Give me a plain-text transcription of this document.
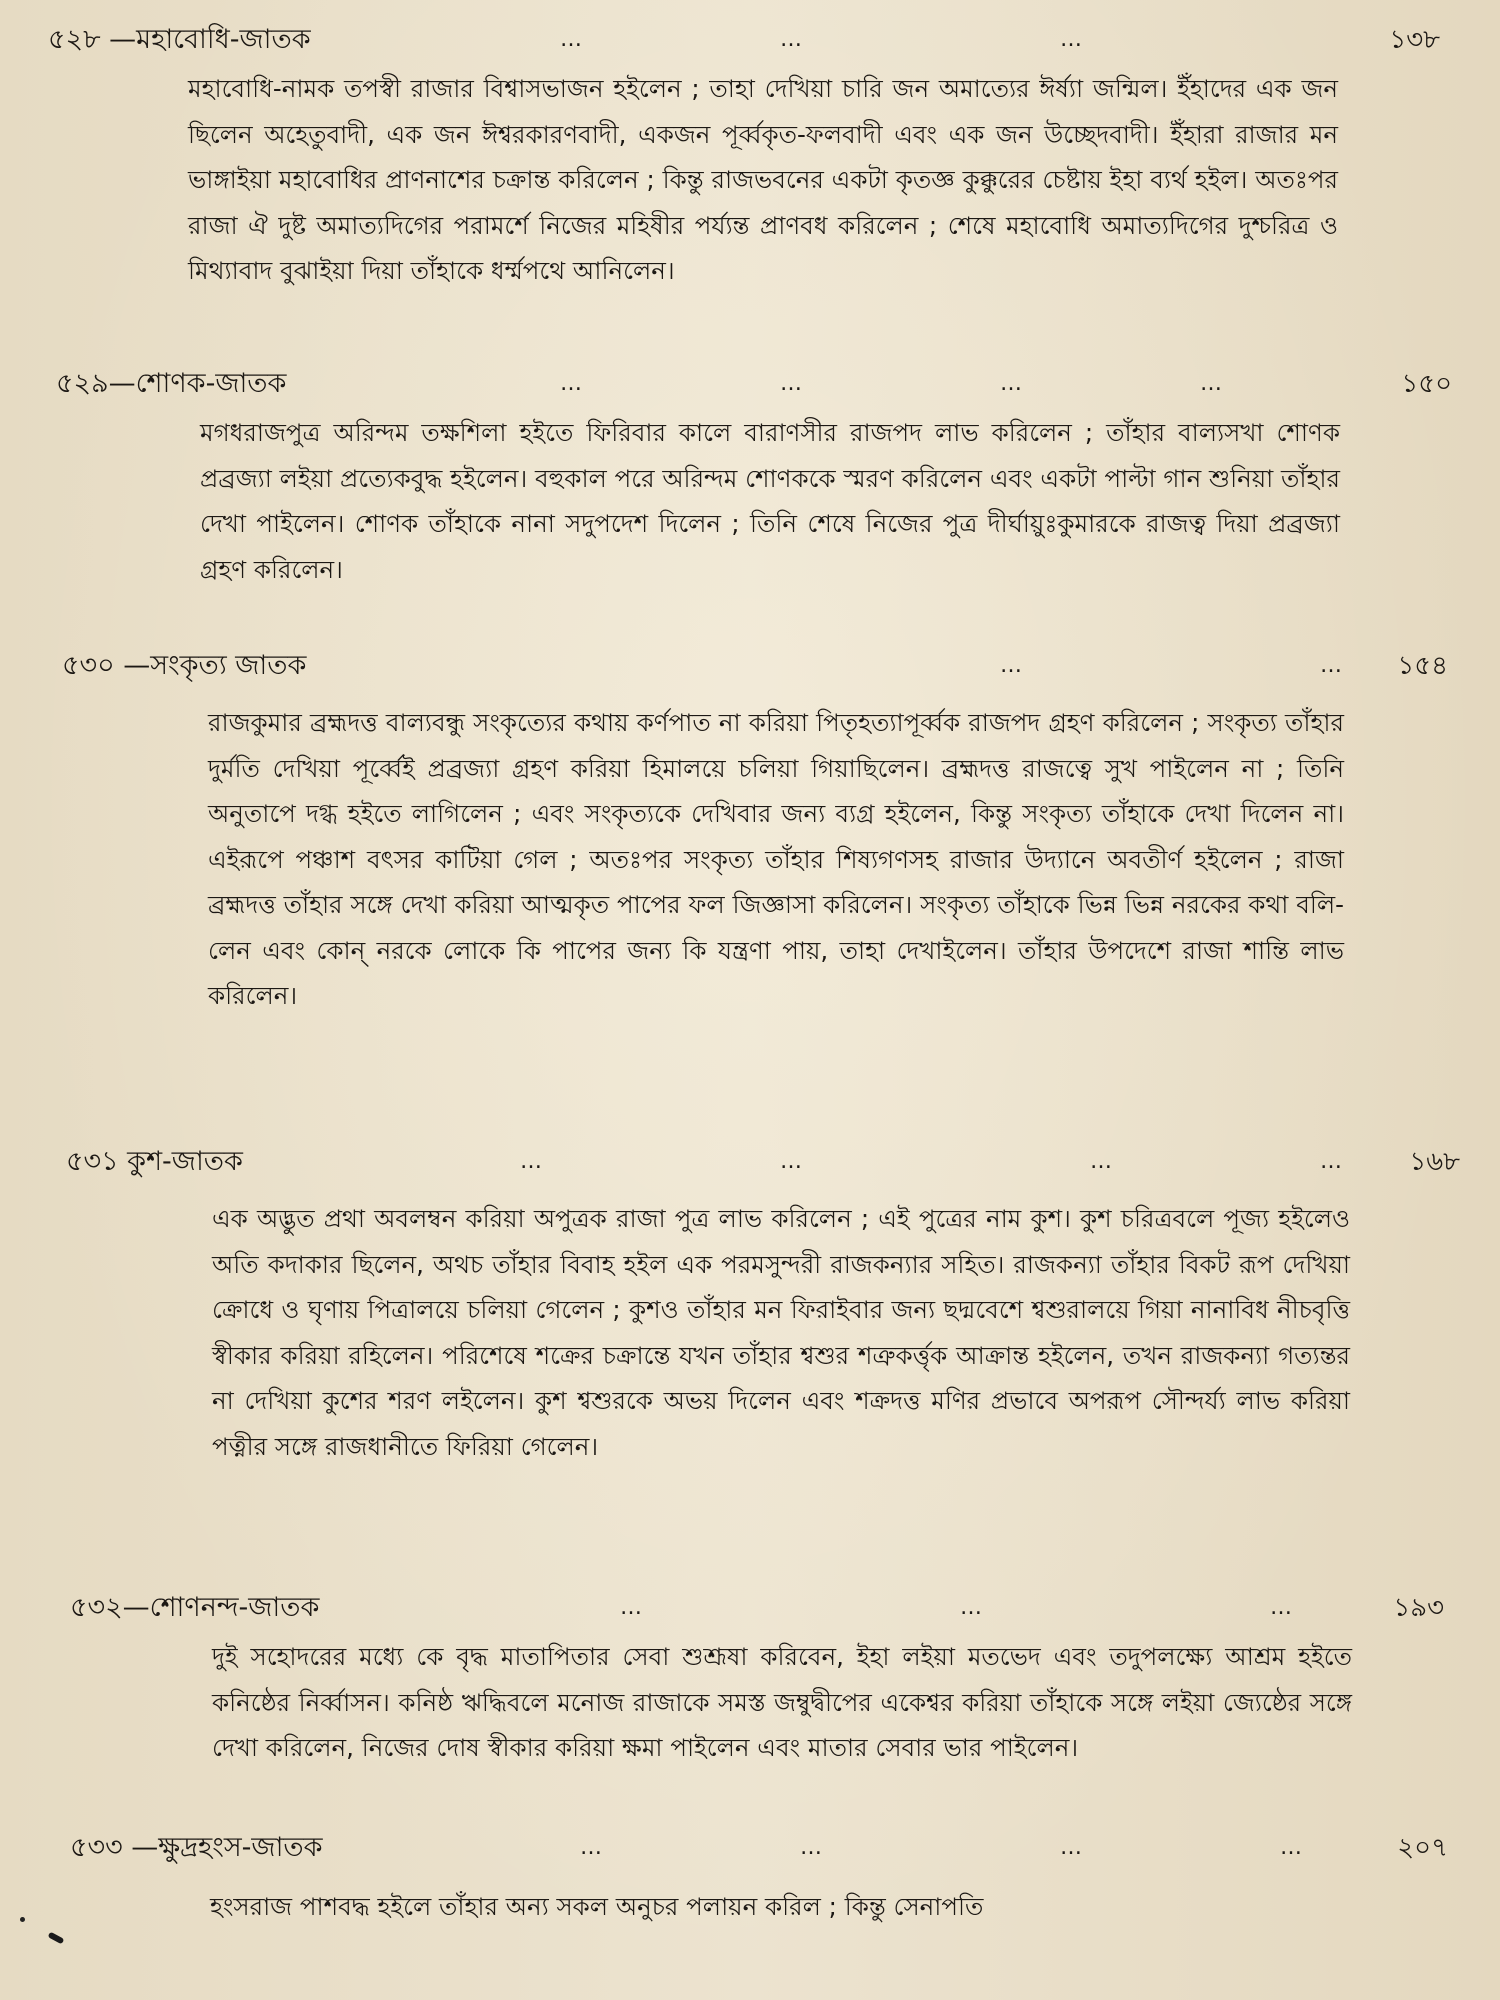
৫২৮ —মহাবোধি-জাতক	…	…	…	১৩৮

মহাবোধি-নামক তপস্বী রাজার বিশ্বাসভাজন হইলেন ; তাহা দেখিয়া চারি জন অমাত্যের ঈর্ষ্যা জন্মিল। ইঁহাদের এক জন ছিলেন অহেতুবাদী, এক জন ঈশ্বরকারণবাদী, একজন পূর্ব্বকৃত-ফলবাদী এবং এক জন উচ্ছেদবাদী। ইঁহারা রাজার মন ভাঙ্গাইয়া মহাবোধির প্রাণনাশের চক্রান্ত করিলেন ; কিন্তু রাজভবনের একটা কৃতজ্ঞ কুক্কুরের চেষ্টায় ইহা ব্যর্থ হইল। অতঃপর রাজা ঐ দুষ্ট অমাত্যদিগের পরামর্শে নিজের মহিষীর পর্য্যন্ত প্রাণবধ করিলেন ; শেষে মহাবোধি অমাত্যদিগের দুশ্চরিত্র ও মিথ্যাবাদ বুঝাইয়া দিয়া তাঁহাকে ধর্ম্মপথে আনিলেন।

৫২৯—শোণক-জাতক	…	…	…	…	১৫০

মগধরাজপুত্র অরিন্দম তক্ষশিলা হইতে ফিরিবার কালে বারাণসীর রাজপদ লাভ করিলেন ; তাঁহার বাল্যসখা শোণক প্রব্রজ্যা লইয়া প্রত্যেকবুদ্ধ হইলেন। বহুকাল পরে অরিন্দম শোণককে স্মরণ করিলেন এবং একটা পাল্টা গান শুনিয়া তাঁহার দেখা পাইলেন। শোণক তাঁহাকে নানা সদুপদেশ দিলেন ; তিনি শেষে নিজের পুত্র দীর্ঘায়ুঃকুমারকে রাজত্ব দিয়া প্রব্রজ্যা গ্রহণ করিলেন।

৫৩০ —সংকৃত্য জাতক	…	… ১৫৪

রাজকুমার ব্রহ্মদত্ত বাল্যবন্ধু সংকৃত্যের কথায় কর্ণপাত না করিয়া পিতৃহত্যাপূর্ব্বক রাজপদ গ্রহণ করিলেন ; সংকৃত্য তাঁহার দুর্মতি দেখিয়া পূর্ব্বেই প্রব্রজ্যা গ্রহণ করিয়া হিমালয়ে চলিয়া গিয়াছিলেন। ব্রহ্মদত্ত রাজত্বে সুখ পাইলেন না ; তিনি অনুতাপে দগ্ধ হইতে লাগিলেন ; এবং সংকৃত্যকে দেখিবার জন্য ব্যগ্র হইলেন, কিন্তু সংকৃত্য তাঁহাকে দেখা দিলেন না। এইরূপে পঞ্চাশ বৎসর কাটিয়া গেল ; অতঃপর সংকৃত্য তাঁহার শিষ্যগণসহ রাজার উদ্যানে অবতীর্ণ হইলেন ; রাজা ব্রহ্মদত্ত তাঁহার সঙ্গে দেখা করিয়া আত্মকৃত পাপের ফল জিজ্ঞাসা করিলেন। সংকৃত্য তাঁহাকে ভিন্ন ভিন্ন নরকের কথা বলি-লেন এবং কোন্ নরকে লোকে কি পাপের জন্য কি যন্ত্রণা পায়, তাহা দেখাইলেন। তাঁহার উপদেশে রাজা শান্তি লাভ করিলেন।

৫৩১ কুশ-জাতক	…	…	…	…	১৬৮

এক অদ্ভুত প্রথা অবলম্বন করিয়া অপুত্রক রাজা পুত্র লাভ করিলেন ; এই পুত্রের নাম কুশ। কুশ চরিত্রবলে পূজ্য হইলেও অতি কদাকার ছিলেন, অথচ তাঁহার বিবাহ হইল এক পরমসুন্দরী রাজকন্যার সহিত। রাজকন্যা তাঁহার বিকট রূপ দেখিয়া ক্রোধে ও ঘৃণায় পিত্রালয়ে চলিয়া গেলেন ; কুশও তাঁহার মন ফিরাইবার জন্য ছদ্মবেশে শ্বশুরালয়ে গিয়া নানাবিধ নীচবৃত্তি স্বীকার করিয়া রহিলেন। পরিশেষে শক্রের চক্রান্তে যখন তাঁহার শ্বশুর শত্রুকর্ত্তৃক আক্রান্ত হইলেন, তখন রাজকন্যা গত্যন্তর না দেখিয়া কুশের শরণ লইলেন। কুশ শ্বশুরকে অভয় দিলেন এবং শক্রদত্ত মণির প্রভাবে অপরূপ সৌন্দর্য্য লাভ করিয়া পত্নীর সঙ্গে রাজধানীতে ফিরিয়া গেলেন।

৫৩২—শোণনন্দ-জাতক	…	…	…	১৯৩

দুই সহোদরের মধ্যে কে বৃদ্ধ মাতাপিতার সেবা শুশ্রূষা করিবেন, ইহা লইয়া মতভেদ এবং তদুপলক্ষ্যে আশ্রম হইতে কনিষ্ঠের নির্ব্বাসন। কনিষ্ঠ ঋদ্ধিবলে মনোজ রাজাকে সমস্ত জম্বুদ্বীপের একেশ্বর করিয়া তাঁহাকে সঙ্গে লইয়া জ্যেষ্ঠের সঙ্গে দেখা করিলেন, নিজের দোষ স্বীকার করিয়া ক্ষমা পাইলেন এবং মাতার সেবার ভার পাইলেন।

৫৩৩ —ক্ষুদ্রহংস-জাতক	…	…	…	…	২০৭

হংসরাজ পাশবদ্ধ হইলে তাঁহার অন্য সকল অনুচর পলায়ন করিল ; কিন্তু সেনাপতি
